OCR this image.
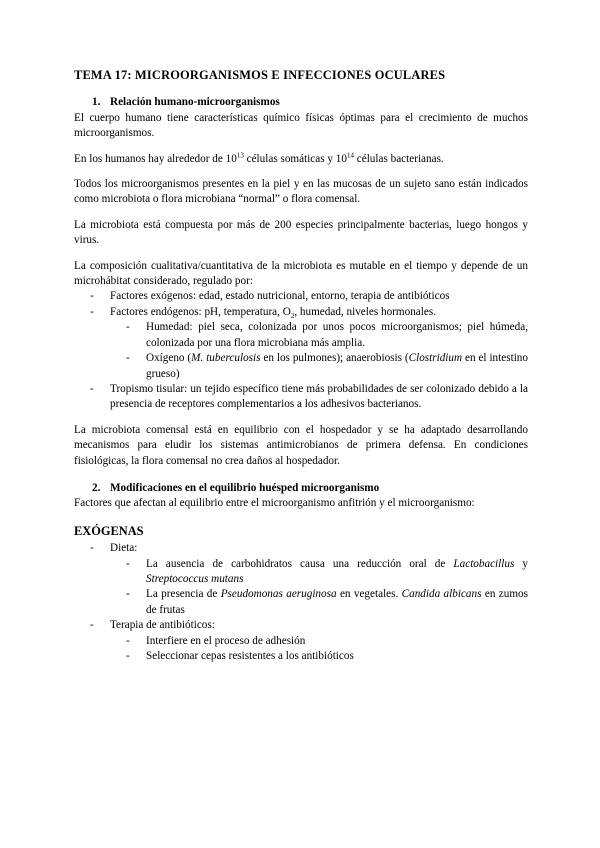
TEMA 17: MICROORGANISMOS E INFECCIONES OCULARES
1. Relación humano-microorganismos

El cuerpo humano tiene características químico físicas óptimas para el crecimiento de muchos microorganismos.

En los humanos hay alrededor de $10^{13}$ células somáticas y $10^{14}$ células bacterianas.

Todos los microorganismos presentes en la piel y en las mucosas de un sujeto sano están indicados como microbiota o flora microbiana “normal” o flora comensal.

La microbiota está compuesta por más de 200 especies principalmente bacterias, luego hongos y virus.

La composición cualitativa/cuantitativa de la microbiota es mutable en el tiempo y depende de un microhábitat considerado, regulado por:

- Factores exógenos: edad, estado nutricional, entorno, terapia de antibióticos
- Factores endógenos: pH, temperatura, $O_2$, humedad, niveles hormonales.
- Humedad: piel seca, colonizada por unos pocos microorganismos; piel húmeda, colonizada por una flora microbiana más amplia.
- Oxígeno (M. tuberculosis en los pulmones); anaerobiosis (Clostridium en el intestino grueso)
- Tropismo tisular: un tejido específico tiene más probabilidades de ser colonizado debido a la presencia de receptores complementarios a los adhesivos bacterianos.

La microbiota comensal está en equilibrio con el hospedador y se ha adaptado desarrollando mecanismos para eludir los sistemas antimicrobianos de primera defensa. En condiciones fisiológicas, la flora comensal no crea daños al hospedador.

2. Modificaciones en el equilibrio huésped microorganismo

Factores que afectan al equilibrio entre el microorganismo anfitrión y el microorganismo:

EXÓGENAS
- Dieta:
- La ausencia de carbohidratos causa una reducción oral de Lactobacillus y Streptococcus mutans
- La presencia de Pseudomonas aeruginosa en vegetales. Candida albicans en zumos de frutas
- Terapia de antibióticos:
- Interfiere en el proceso de adhesión
- Seleccionar cepas resistentes a los antibióticos
